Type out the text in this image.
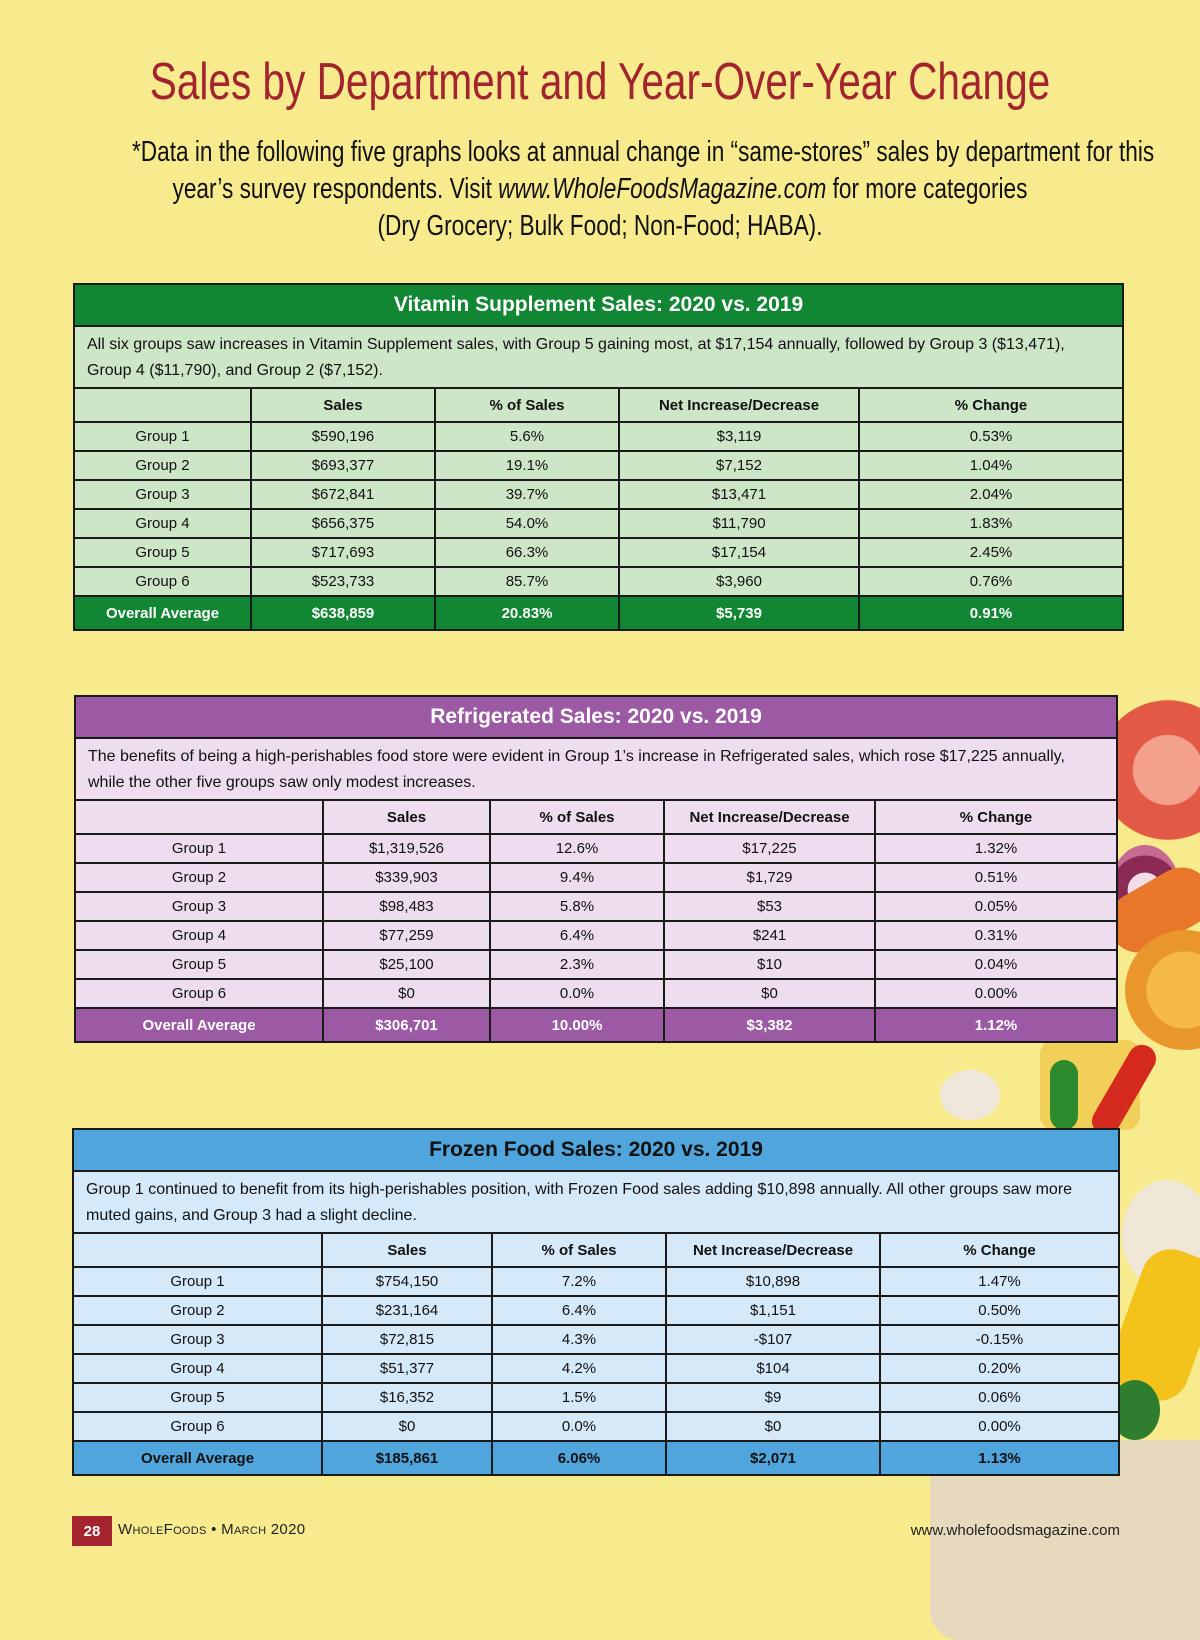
Sales by Department and Year-Over-Year Change
*Data in the following five graphs looks at annual change in “same-stores” sales by department for this
year’s survey respondents. Visit www.WholeFoodsMagazine.com for more categories
(Dry Grocery; Bulk Food; Non-Food; HABA).
Vitamin Supplement Sales: 2020 vs. 2019				
All six groups saw increases in Vitamin Supplement sales, with Group 5 gaining most, at $17,154 annually, followed by Group 3 ($13,471), Group 4 ($11,790), and Group 2 ($7,152).				
	Sales	% of Sales	Net Increase/Decrease	% Change
Group 1	$590,196	5.6%	$3,119	0.53%
Group 2	$693,377	19.1%	$7,152	1.04%
Group 3	$672,841	39.7%	$13,471	2.04%
Group 4	$656,375	54.0%	$11,790	1.83%
Group 5	$717,693	66.3%	$17,154	2.45%
Group 6	$523,733	85.7%	$3,960	0.76%
Overall Average	$638,859	20.83%	$5,739	0.91%
Refrigerated Sales: 2020 vs. 2019				
The benefits of being a high-perishables food store were evident in Group 1’s increase in Refrigerated sales, which rose $17,225 annually, while the other five groups saw only modest increases.				
	Sales	% of Sales	Net Increase/Decrease	% Change
Group 1	$1,319,526	12.6%	$17,225	1.32%
Group 2	$339,903	9.4%	$1,729	0.51%
Group 3	$98,483	5.8%	$53	0.05%
Group 4	$77,259	6.4%	$241	0.31%
Group 5	$25,100	2.3%	$10	0.04%
Group 6	$0	0.0%	$0	0.00%
Overall Average	$306,701	10.00%	$3,382	1.12%
Frozen Food Sales: 2020 vs. 2019				
Group 1 continued to benefit from its high-perishables position, with Frozen Food sales adding $10,898 annually. All other groups saw more muted gains, and Group 3 had a slight decline.				
	Sales	% of Sales	Net Increase/Decrease	% Change
Group 1	$754,150	7.2%	$10,898	1.47%
Group 2	$231,164	6.4%	$1,151	0.50%
Group 3	$72,815	4.3%	-$107	-0.15%
Group 4	$51,377	4.2%	$104	0.20%
Group 5	$16,352	1.5%	$9	0.06%
Group 6	$0	0.0%	$0	0.00%
Overall Average	$185,861	6.06%	$2,071	1.13%
28	WholeFoods • March 2020	www.wholefoodsmagazine.com
